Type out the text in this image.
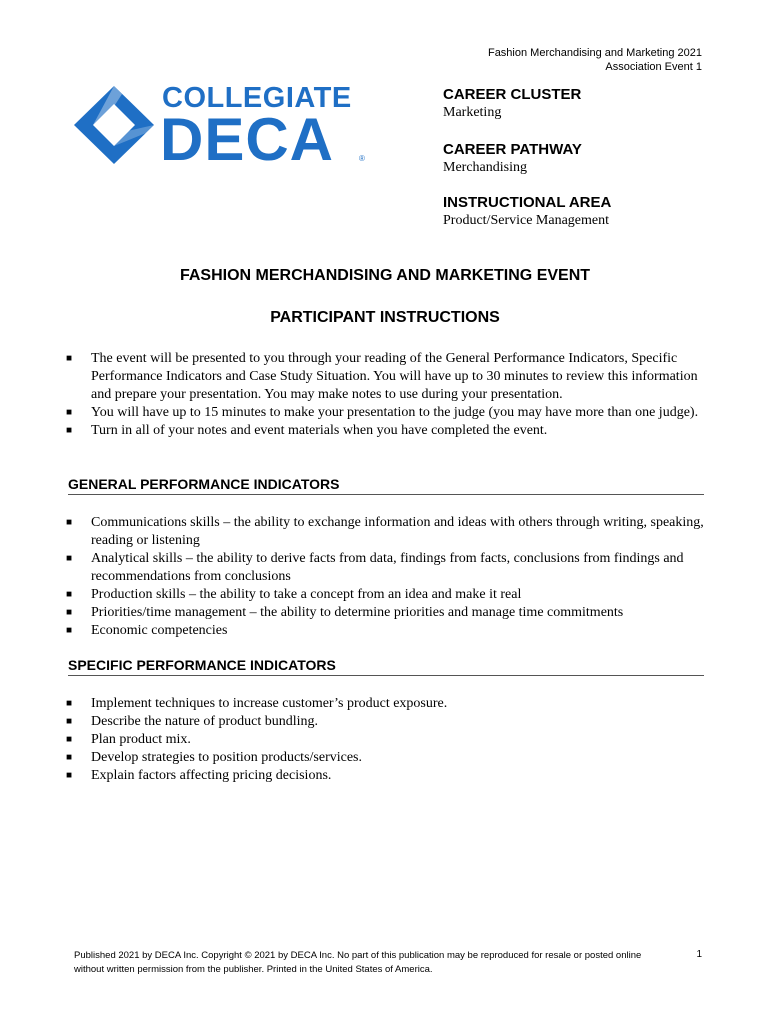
Fashion Merchandising and Marketing 2021
Association Event 1
COLLEGIATE
DECA	®
CAREER CLUSTER
Marketing
CAREER PATHWAY
Merchandising
INSTRUCTIONAL AREA
Product/Service Management
FASHION MERCHANDISING AND MARKETING EVENT
PARTICIPANT INSTRUCTIONS
■ The event will be presented to you through your reading of the General Performance Indicators, Specific Performance Indicators and Case Study Situation. You will have up to 30 minutes to review this information and prepare your presentation. You may make notes to use during your presentation.
■ You will have up to 15 minutes to make your presentation to the judge (you may have more than one judge).
■ Turn in all of your notes and event materials when you have completed the event.
GENERAL PERFORMANCE INDICATORS
■ Communications skills – the ability to exchange information and ideas with others through writing, speaking, reading or listening
■ Analytical skills – the ability to derive facts from data, findings from facts, conclusions from findings and recommendations from conclusions
■ Production skills – the ability to take a concept from an idea and make it real
■ Priorities/time management – the ability to determine priorities and manage time commitments
■ Economic competencies
SPECIFIC PERFORMANCE INDICATORS
■ Implement techniques to increase customer’s product exposure.
■ Describe the nature of product bundling.
■ Plan product mix.
■ Develop strategies to position products/services.
■ Explain factors affecting pricing decisions.
Published 2021 by DECA Inc. Copyright © 2021 by DECA Inc. No part of this publication may be reproduced for resale or posted online without written permission from the publisher. Printed in the United States of America.
1
